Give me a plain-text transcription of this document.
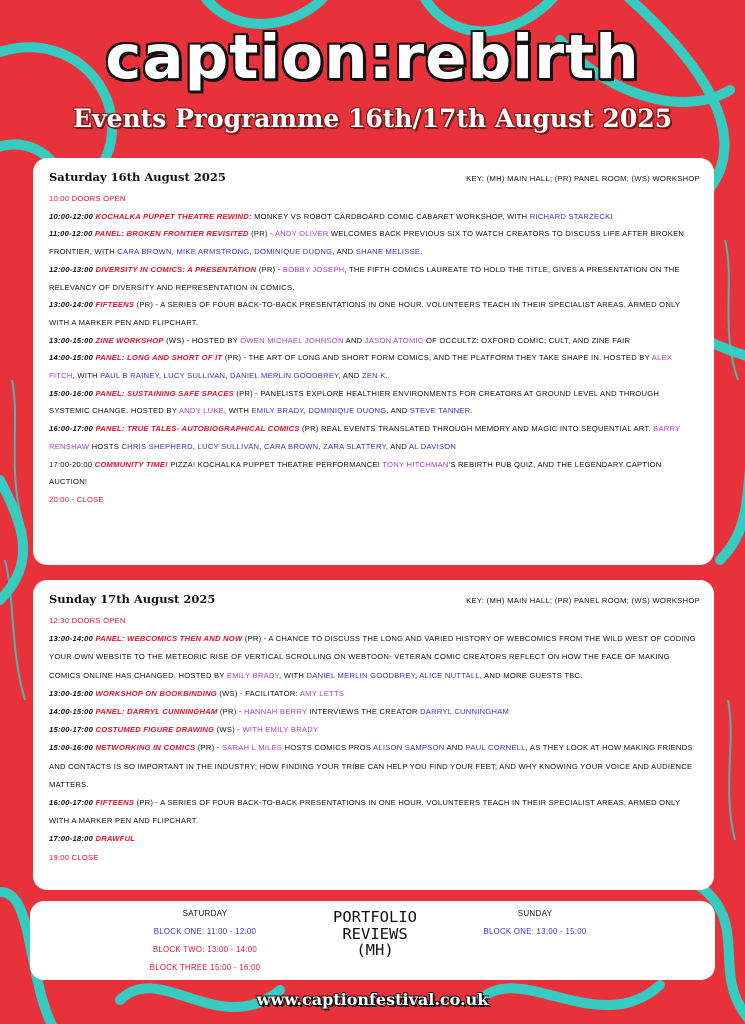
caption:rebirth
Events Programme 16th/17th August 2025
Saturday 16th August 2025	KEY: (MH) MAIN HALL; (PR) PANEL ROOM; (WS) WORKSHOP
10:00 DOORS OPEN
10:00-12:00 KOCHALKA PUPPET THEATRE REWIND: MONKEY VS ROBOT CARDBOARD COMIC CABARET WORKSHOP, WITH RICHARD STARZECKI
11:00-12:00 PANEL: BROKEN FRONTIER REVISITED (PR) - ANDY OLIVER WELCOMES BACK PREVIOUS SIX TO WATCH CREATORS TO DISCUSS LIFE AFTER BROKEN FRONTIER, WITH CARA BROWN, MIKE ARMSTRONG, DOMINIQUE DUONG, AND SHANE MELISSE.
12:00-13:00 DIVERSITY IN COMICS: A PRESENTATION (PR) - BOBBY JOSEPH, THE FIFTH COMICS LAUREATE TO HOLD THE TITLE, GIVES A PRESENTATION ON THE RELEVANCY OF DIVERSITY AND REPRESENTATION IN COMICS.
13:00-14:00 FIFTEENS (PR) - A SERIES OF FOUR BACK-TO-BACK PRESENTATIONS IN ONE HOUR. VOLUNTEERS TEACH IN THEIR SPECIALIST AREAS, ARMED ONLY WITH A MARKER PEN AND FLIPCHART.
13:00-15:00 ZINE WORKSHOP (WS) - HOSTED BY OWEN MICHAEL JOHNSON AND JASON ATOMIC OF OCCULTZ: OXFORD COMIC; CULT, AND ZINE FAIR
14:00-15:00 PANEL: LONG AND SHORT OF IT (PR) - THE ART OF LONG AND SHORT FORM COMICS, AND THE PLATFORM THEY TAKE SHAPE IN. HOSTED BY ALEX FITCH, WITH PAUL B RAINEY, LUCY SULLIVAN, DANIEL MERLIN GOODBREY, AND ZEN K.
15:00-16:00 PANEL: SUSTAINING SAFE SPACES (PR) - PANELISTS EXPLORE HEALTHIER ENVIRONMENTS FOR CREATORS AT GROUND LEVEL AND THROUGH SYSTEMIC CHANGE. HOSTED BY ANDY LUKE, WITH EMILY BRADY, DOMINIQUE DUONG, AND STEVE TANNER.
16:00-17:00 PANEL: TRUE TALES- AUTOBIOGRAPHICAL COMICS (PR) REAL EVENTS TRANSLATED THROUGH MEMORY AND MAGIC INTO SEQUENTIAL ART. BARRY RENSHAW HOSTS CHRIS SHEPHERD, LUCY SULLIVAN, CARA BROWN, ZARA SLATTERY, AND AL DAVISON
17:00-20:00 COMMUNITY TIME! PIZZA! KOCHALKA PUPPET THEATRE PERFORMANCE! TONY HITCHMAN'S REBIRTH PUB QUIZ, AND THE LEGENDARY CAPTION AUCTION!
20:00 - CLOSE
Sunday 17th August 2025	KEY: (MH) MAIN HALL; (PR) PANEL ROOM; (WS) WORKSHOP
12:30 DOORS OPEN
13:00-14:00 PANEL: WEBCOMICS THEN AND NOW (PR) - A CHANCE TO DISCUSS THE LONG AND VARIED HISTORY OF WEBCOMICS FROM THE WILD WEST OF CODING YOUR OWN WEBSITE TO THE METEORIC RISE OF VERTICAL SCROLLING ON WEBTOON- VETERAN COMIC CREATORS REFLECT ON HOW THE FACE OF MAKING COMICS ONLINE HAS CHANGED. HOSTED BY EMILY BRADY, WITH DANIEL MERLIN GOODBREY, ALICE NUTTALL, AND MORE GUESTS TBC.
13:00-15:00 WORKSHOP ON BOOKBINDING (WS) - FACILITATOR: AMY LETTS
14:00-15:00 PANEL: DARRYL CUNNINGHAM (PR) - HANNAH BERRY INTERVIEWS THE CREATOR DARRYL CUNNINGHAM
15:00-17:00 COSTUMED FIGURE DRAWING (WS) - WITH EMILY BRADY
15:00-16:00 NETWORKING IN COMICS (PR) - SARAH L MILES HOSTS COMICS PROS ALISON SAMPSON AND PAUL CORNELL, AS THEY LOOK AT HOW MAKING FRIENDS AND CONTACTS IS SO IMPORTANT IN THE INDUSTRY; HOW FINDING YOUR TRIBE CAN HELP YOU FIND YOUR FEET; AND WHY KNOWING YOUR VOICE AND AUDIENCE MATTERS.
16:00-17:00 FIFTEENS (PR) - A SERIES OF FOUR BACK-TO-BACK PRESENTATIONS IN ONE HOUR. VOLUNTEERS TEACH IN THEIR SPECIALIST AREAS, ARMED ONLY WITH A MARKER PEN AND FLIPCHART.
17:00-18:00 DRAWFUL
19:00 CLOSE
SATURDAY
BLOCK ONE: 11:00 - 12:00
BLOCK TWO: 13:00 - 14:00
BLOCK THREE 15:00 - 16:00
PORTFOLIO
REVIEWS
(MH)
SUNDAY
BLOCK ONE: 13:00 - 15:00
www.captionfestival.co.uk
